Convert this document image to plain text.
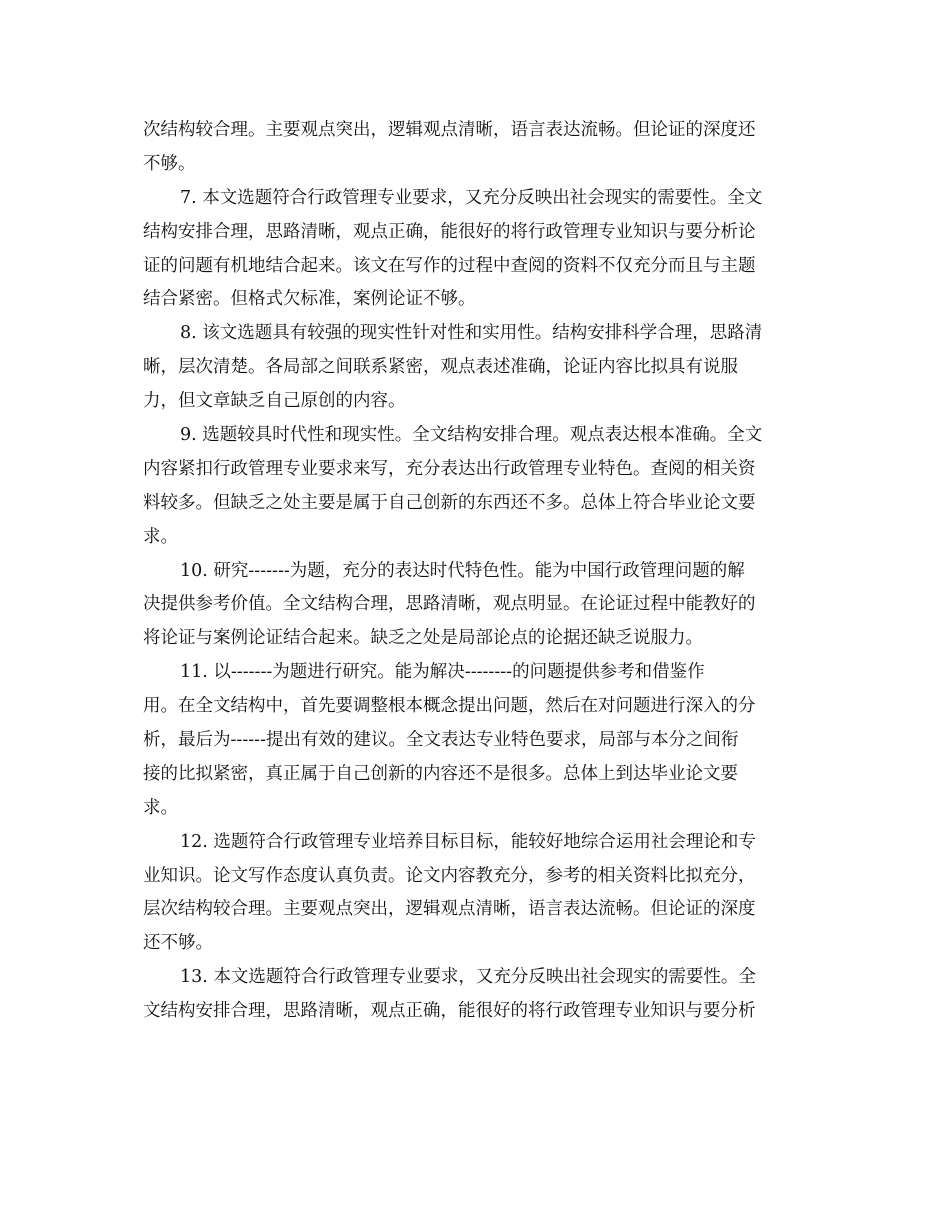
次结构较合理。主要观点突出，逻辑观点清晰，语言表达流畅。但论证的深度还
不够。
7. 本文选题符合行政管理专业要求，又充分反映出社会现实的需要性。全文
结构安排合理，思路清晰，观点正确，能很好的将行政管理专业知识与要分析论
证的问题有机地结合起来。该文在写作的过程中查阅的资料不仅充分而且与主题
结合紧密。但格式欠标准，案例论证不够。
8. 该文选题具有较强的现实性针对性和实用性。结构安排科学合理，思路清
晰，层次清楚。各局部之间联系紧密，观点表述准确，论证内容比拟具有说服
力，但文章缺乏自己原创的内容。
9. 选题较具时代性和现实性。全文结构安排合理。观点表达根本准确。全文
内容紧扣行政管理专业要求来写，充分表达出行政管理专业特色。查阅的相关资
料较多。但缺乏之处主要是属于自己创新的东西还不多。总体上符合毕业论文要
求。
10. 研究-------为题，充分的表达时代特色性。能为中国行政管理问题的解
决提供参考价值。全文结构合理，思路清晰，观点明显。在论证过程中能教好的
将论证与案例论证结合起来。缺乏之处是局部论点的论据还缺乏说服力。
11. 以-------为题进行研究。能为解决--------的问题提供参考和借鉴作
用。在全文结构中，首先要调整根本概念提出问题，然后在对问题进行深入的分
析，最后为------提出有效的建议。全文表达专业特色要求，局部与本分之间衔
接的比拟紧密，真正属于自己创新的内容还不是很多。总体上到达毕业论文要
求。
12. 选题符合行政管理专业培养目标目标，能较好地综合运用社会理论和专
业知识。论文写作态度认真负责。论文内容教充分，参考的相关资料比拟充分，
层次结构较合理。主要观点突出，逻辑观点清晰，语言表达流畅。但论证的深度
还不够。
13. 本文选题符合行政管理专业要求，又充分反映出社会现实的需要性。全
文结构安排合理，思路清晰，观点正确，能很好的将行政管理专业知识与要分析
